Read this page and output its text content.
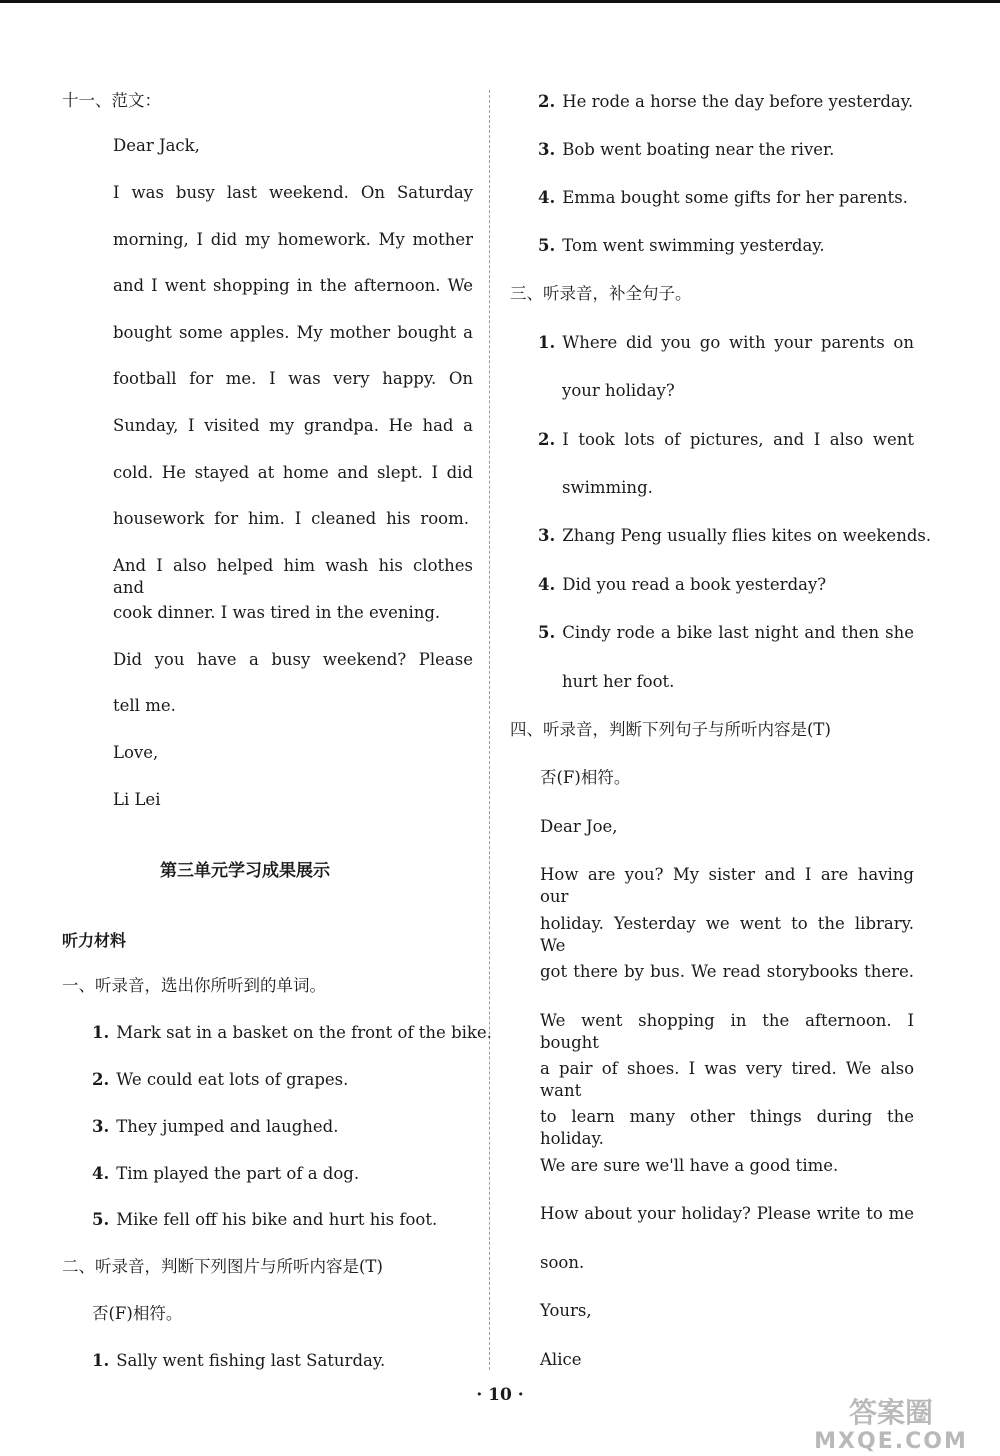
十一、范文：
Dear Jack,
I was busy last weekend. On Saturday
morning, I did my homework. My mother
and I went shopping in the afternoon. We
bought some apples. My mother bought a
football for me. I was very happy. On
Sunday, I visited my grandpa. He had a
cold. He stayed at home and slept. I did
housework for him. I cleaned his room.
And I also helped him wash his clothes and
cook dinner. I was tired in the evening.
Did you have a busy weekend? Please
tell me.
Love,
Li Lei
第三单元学习成果展示
听力材料
一、听录音，选出你所听到的单词。
1. Mark sat in a basket on the front of the bike.
2. We could eat lots of grapes.
3. They jumped and laughed.
4. Tim played the part of a dog.
5. Mike fell off his bike and hurt his foot.
二、听录音，判断下列图片与所听内容是(T)
否(F)相符。
1. Sally went fishing last Saturday.
2. He rode a horse the day before yesterday.
3. Bob went boating near the river.
4. Emma bought some gifts for her parents.
5. Tom went swimming yesterday.
三、听录音，补全句子。
1. Where did you go with your parents on
your holiday?
2. I took lots of pictures, and I also went
swimming.
3. Zhang Peng usually flies kites on weekends.
4. Did you read a book yesterday?
5. Cindy rode a bike last night and then she
hurt her foot.
四、听录音，判断下列句子与所听内容是(T)
否(F)相符。
Dear Joe,
How are you? My sister and I are having our
holiday. Yesterday we went to the library. We
got there by bus. We read storybooks there.
We went shopping in the afternoon. I bought
a pair of shoes. I was very tired. We also want
to learn many other things during the holiday.
We are sure we'll have a good time.
How about your holiday? Please write to me
soon.
Yours,
Alice
· 10 ·
答案圈
MXQE.COM
